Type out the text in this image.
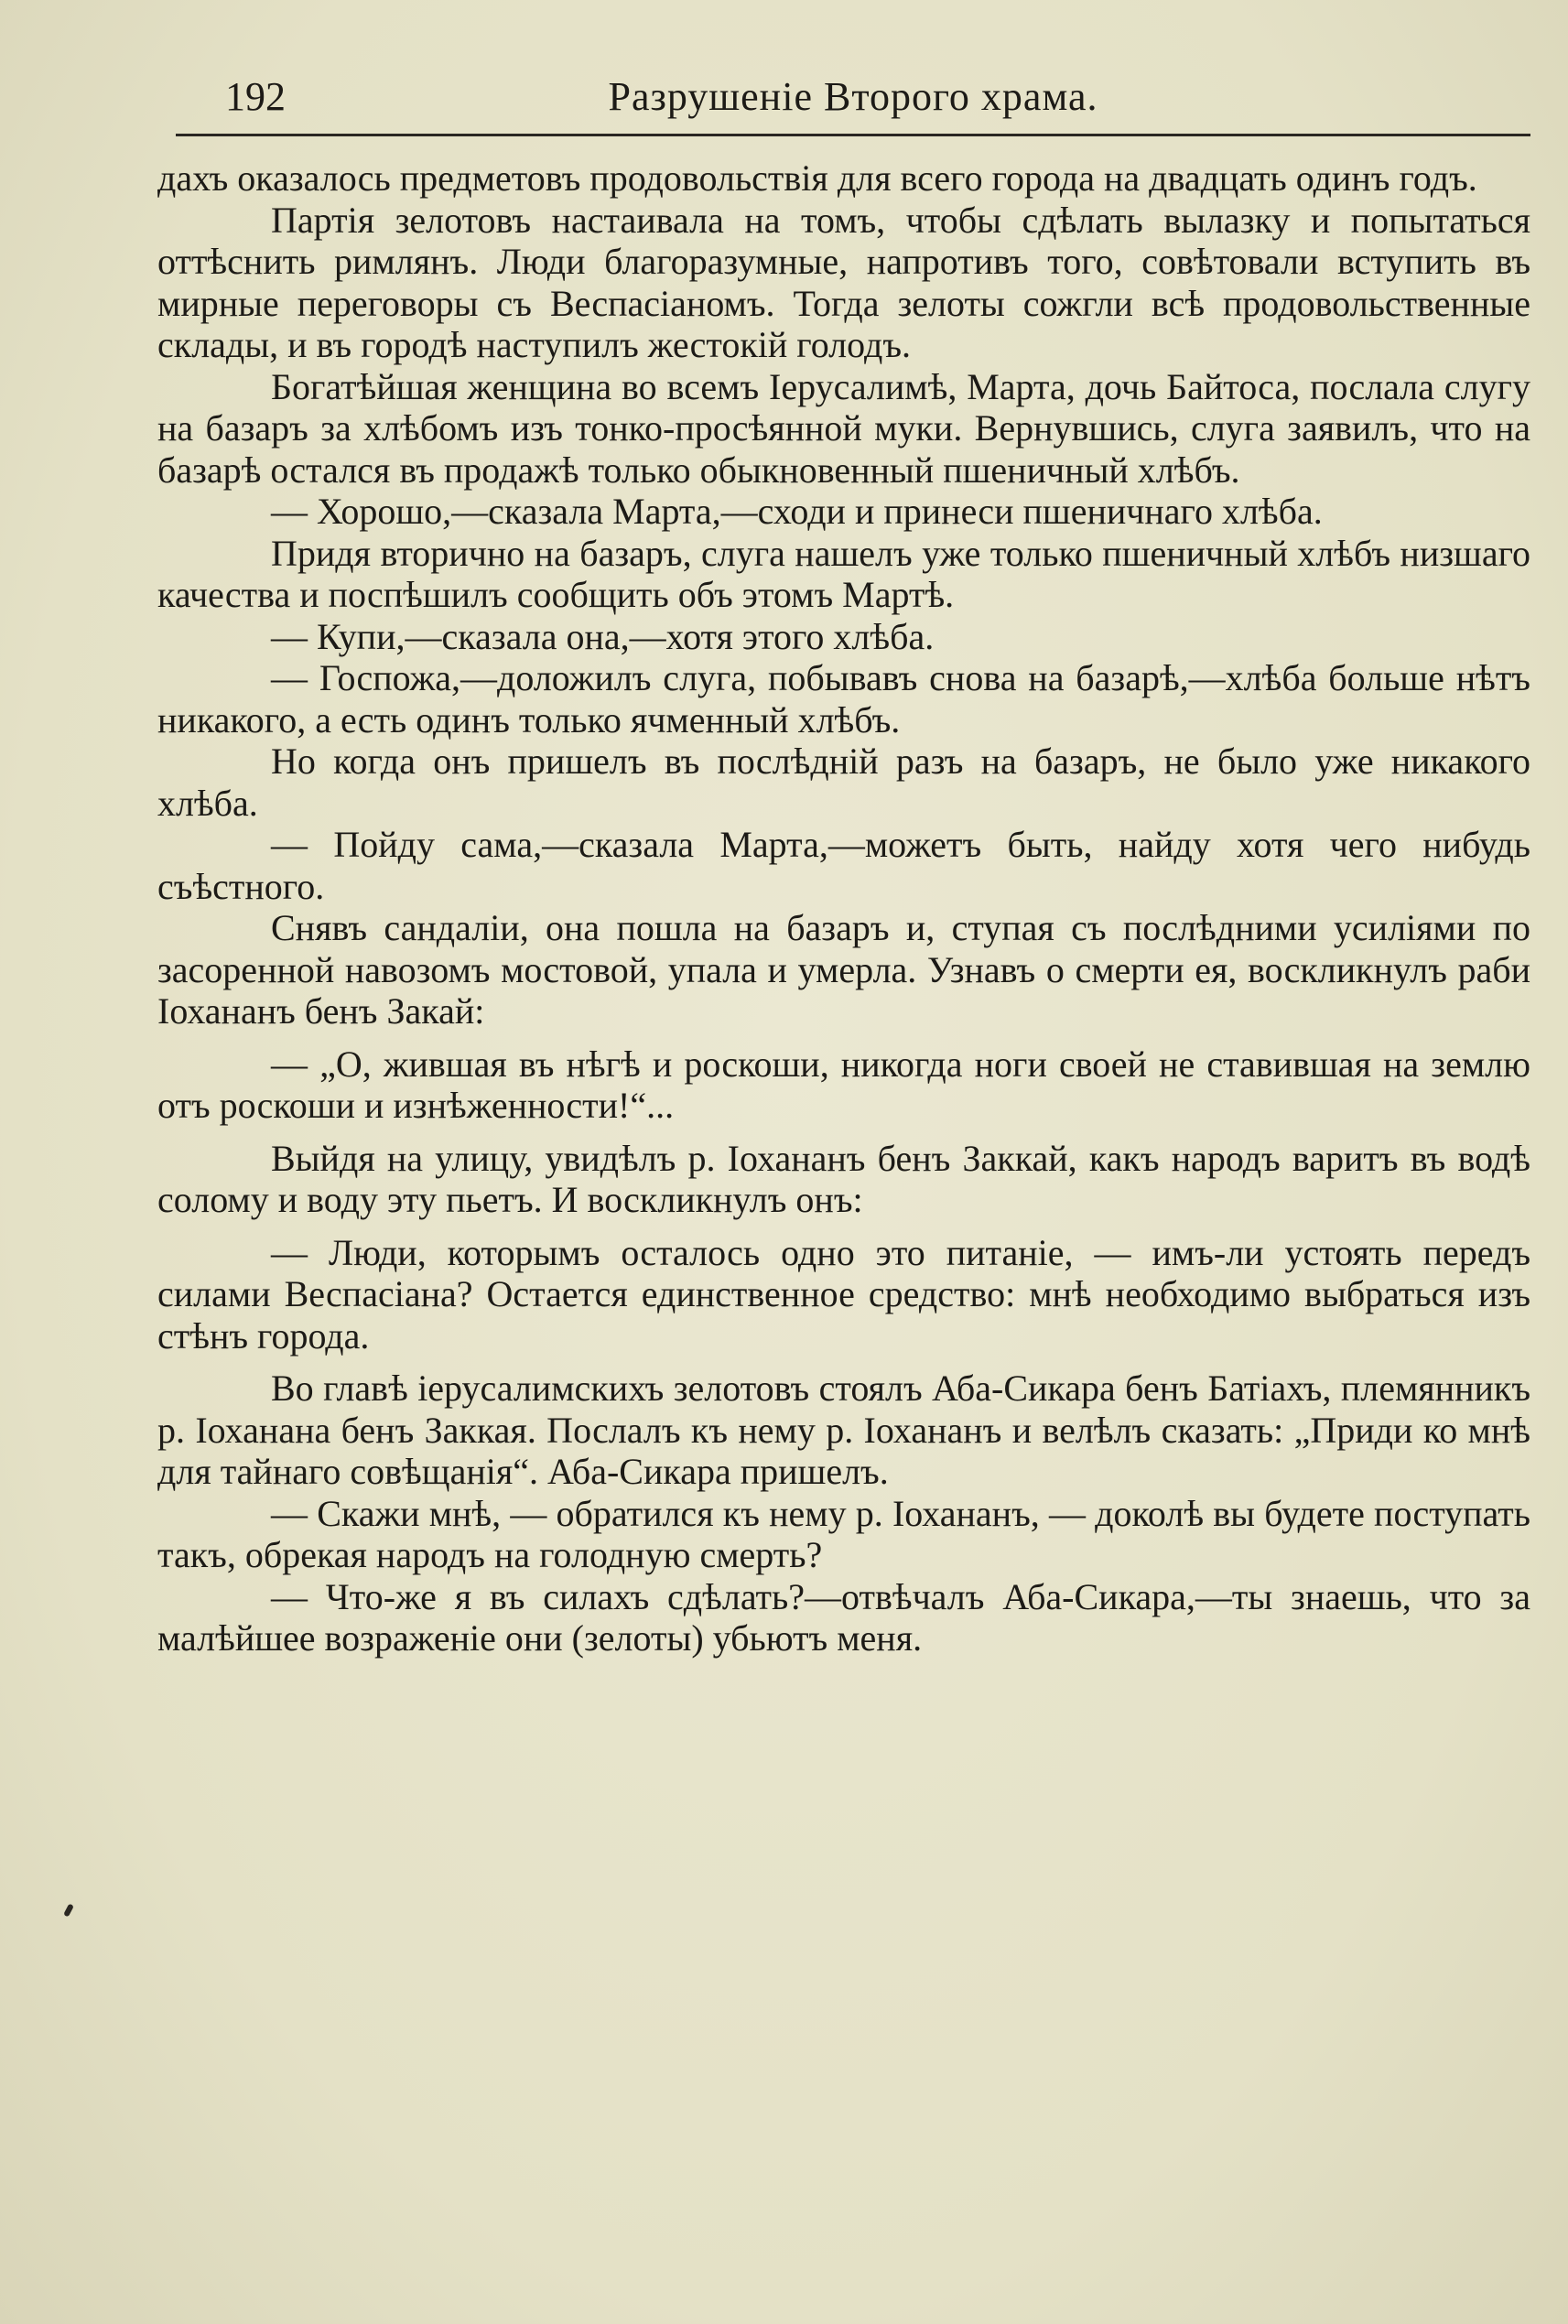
192	Разрушеніе Второго храма.

дахъ оказалось предметовъ продовольствія для всего города на двадцать одинъ годъ.

Партія зелотовъ настаивала на томъ, чтобы сдѣлать вылазку и попытаться оттѣснить римлянъ. Люди благоразумные, напротивъ того, совѣтовали вступить въ мирные переговоры съ Веспасіаномъ. Тогда зелоты сожгли всѣ продовольственные склады, и въ городѣ наступилъ жестокій голодъ.

Богатѣйшая женщина во всемъ Іерусалимѣ, Марта, дочь Байтоса, послала слугу на базаръ за хлѣбомъ изъ тонко-просѣянной муки. Вернувшись, слуга заявилъ, что на базарѣ остался въ продажѣ только обыкновенный пшеничный хлѣбъ.

— Хорошо,—сказала Марта,—сходи и принеси пшеничнаго хлѣба.

Придя вторично на базаръ, слуга нашелъ уже только пшеничный хлѣбъ низшаго качества и поспѣшилъ сообщить объ этомъ Мартѣ.

— Купи,—сказала она,—хотя этого хлѣба.

— Госпожа,—доложилъ слуга, побывавъ снова на базарѣ,—хлѣба больше нѣтъ никакого, а есть одинъ только ячменный хлѣбъ.

Но когда онъ пришелъ въ послѣдній разъ на базаръ, не было уже никакого хлѣба.

— Пойду сама,—сказала Марта,—можетъ быть, найду хотя чего нибудь съѣстного.

Снявъ сандаліи, она пошла на базаръ и, ступая съ послѣдними усиліями по засоренной навозомъ мостовой, упала и умерла. Узнавъ о смерти ея, воскликнулъ раби Іохананъ бенъ Закай:

— „О, жившая въ нѣгѣ и роскоши, никогда ноги своей не ставившая на землю отъ роскоши и изнѣженности!“...

Выйдя на улицу, увидѣлъ р. Іохананъ бенъ Заккай, какъ народъ варитъ въ водѣ солому и воду эту пьетъ. И воскликнулъ онъ:

— Люди, которымъ осталось одно это питаніе, — имъ-ли устоять передъ силами Веспасіана? Остается единственное средство: мнѣ необходимо выбраться изъ стѣнъ города.

Во главѣ іерусалимскихъ зелотовъ стоялъ Аба-Сикара бенъ Батіахъ, племянникъ р. Іоханана бенъ Заккая. Послалъ къ нему р. Іохананъ и велѣлъ сказать: „Приди ко мнѣ для тайнаго совѣщанія“. Аба-Сикара пришелъ.

— Скажи мнѣ, — обратился къ нему р. Іохананъ, — доколѣ вы будете поступать такъ, обрекая народъ на голодную смерть?

— Что-же я въ силахъ сдѣлать?—отвѣчалъ Аба-Сикара,—ты знаешь, что за малѣйшее возраженіе они (зелоты) убьютъ меня.
